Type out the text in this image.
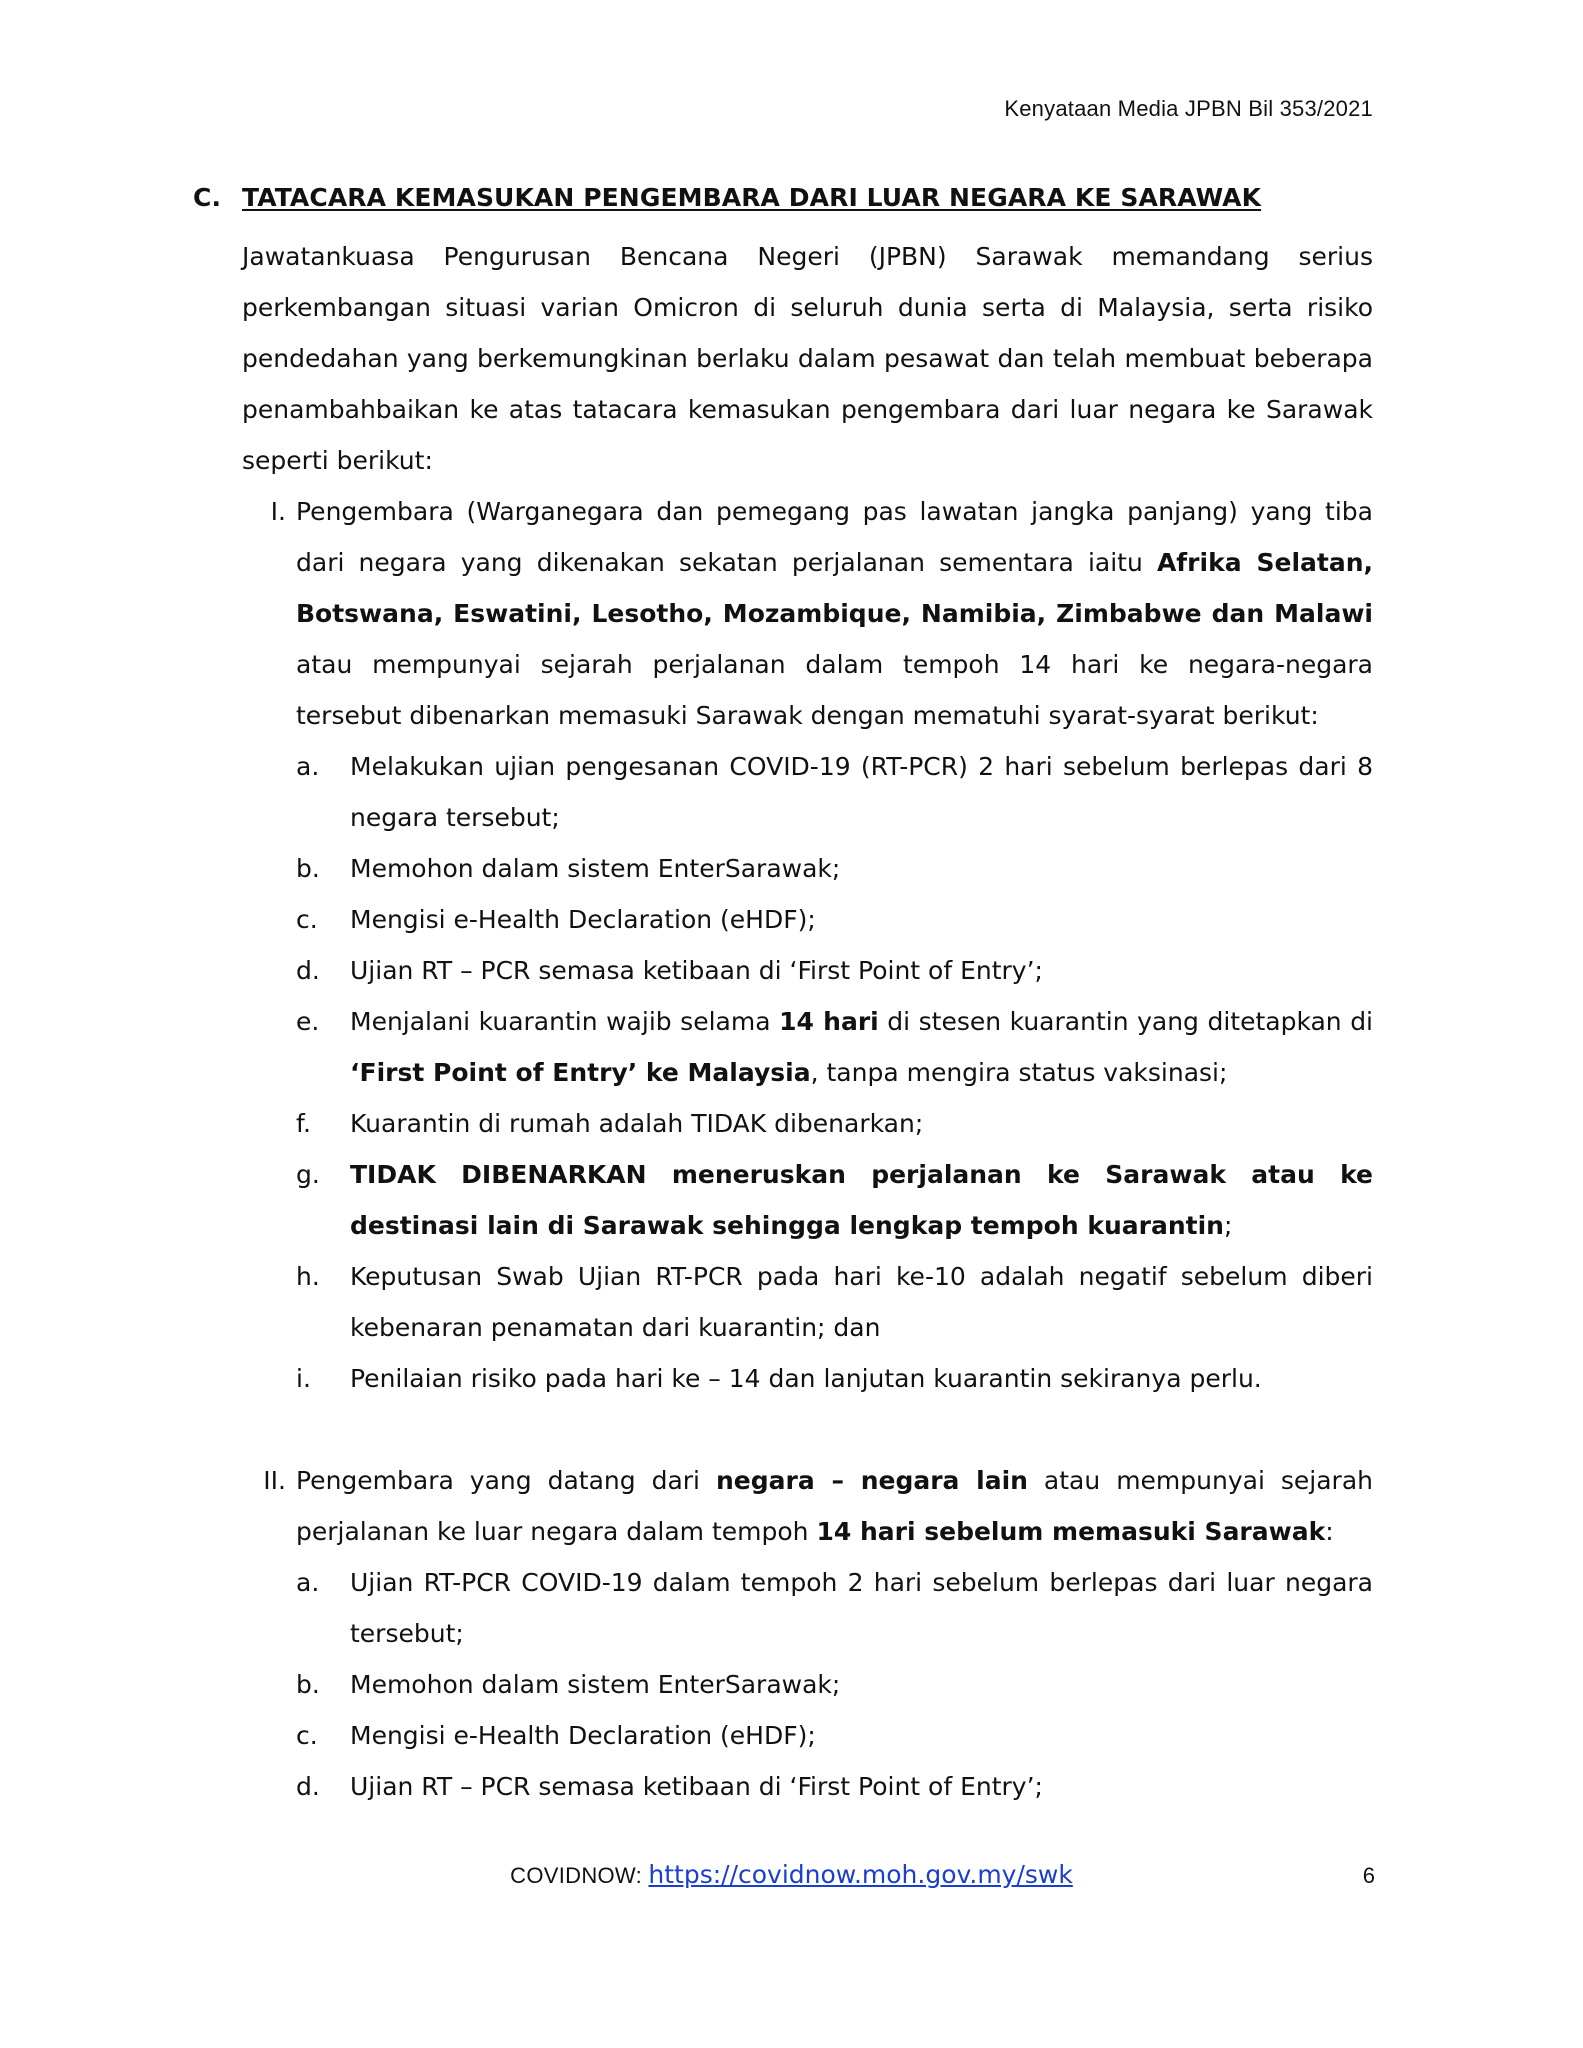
Kenyataan Media JPBN Bil 353/2021
C. TATACARA KEMASUKAN PENGEMBARA DARI LUAR NEGARA KE SARAWAK

Jawatankuasa Pengurusan Bencana Negeri (JPBN) Sarawak memandang serius perkembangan situasi varian Omicron di seluruh dunia serta di Malaysia, serta risiko pendedahan yang berkemungkinan berlaku dalam pesawat dan telah membuat beberapa penambahbaikan ke atas tatacara kemasukan pengembara dari luar negara ke Sarawak seperti berikut:

I. Pengembara (Warganegara dan pemegang pas lawatan jangka panjang) yang tiba dari negara yang dikenakan sekatan perjalanan sementara iaitu Afrika Selatan, Botswana, Eswatini, Lesotho, Mozambique, Namibia, Zimbabwe dan Malawi atau mempunyai sejarah perjalanan dalam tempoh 14 hari ke negara-negara tersebut dibenarkan memasuki Sarawak dengan mematuhi syarat-syarat berikut:
a. Melakukan ujian pengesanan COVID-19 (RT-PCR) 2 hari sebelum berlepas dari 8 negara tersebut;
b. Memohon dalam sistem EnterSarawak;
c. Mengisi e-Health Declaration (eHDF);
d. Ujian RT – PCR semasa ketibaan di ‘First Point of Entry’;
e. Menjalani kuarantin wajib selama 14 hari di stesen kuarantin yang ditetapkan di ‘First Point of Entry’ ke Malaysia, tanpa mengira status vaksinasi;
f. Kuarantin di rumah adalah TIDAK dibenarkan;
g. TIDAK DIBENARKAN meneruskan perjalanan ke Sarawak atau ke destinasi lain di Sarawak sehingga lengkap tempoh kuarantin;
h. Keputusan Swab Ujian RT-PCR pada hari ke-10 adalah negatif sebelum diberi kebenaran penamatan dari kuarantin; dan
i. Penilaian risiko pada hari ke – 14 dan lanjutan kuarantin sekiranya perlu.
II. Pengembara yang datang dari negara – negara lain atau mempunyai sejarah perjalanan ke luar negara dalam tempoh 14 hari sebelum memasuki Sarawak:
a. Ujian RT-PCR COVID-19 dalam tempoh 2 hari sebelum berlepas dari luar negara tersebut;
b. Memohon dalam sistem EnterSarawak;
c. Mengisi e-Health Declaration (eHDF);
d. Ujian RT – PCR semasa ketibaan di ‘First Point of Entry’;
COVIDNOW: https://covidnow.moh.gov.my/swk	6
